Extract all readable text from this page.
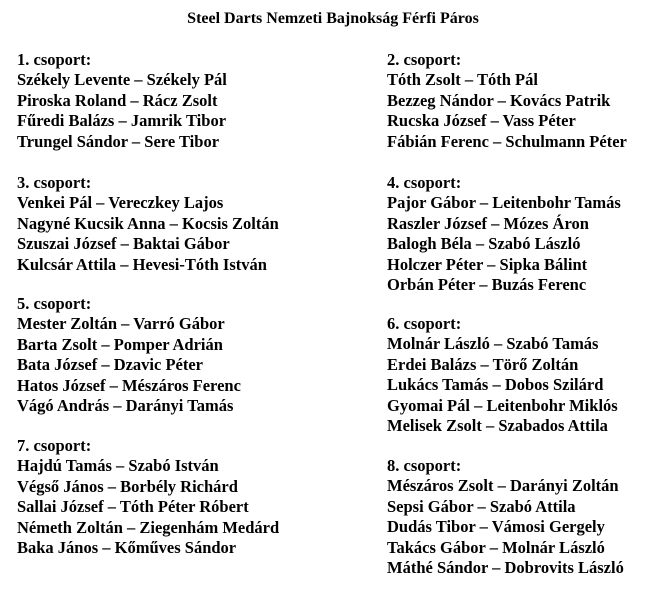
Steel Darts Nemzeti Bajnokság Férfi Páros
1. csoport:
Székely Levente – Székely Pál
Piroska Roland – Rácz Zsolt
Fűredi Balázs – Jamrik Tibor
Trungel Sándor – Sere Tibor
2. csoport:
Tóth Zsolt – Tóth Pál
Bezzeg Nándor – Kovács Patrik
Rucska József – Vass Péter
Fábián Ferenc – Schulmann Péter
3. csoport:
Venkei Pál – Vereczkey Lajos
Nagyné Kucsik Anna – Kocsis Zoltán
Szuszai József – Baktai Gábor
Kulcsár Attila – Hevesi-Tóth István
4. csoport:
Pajor Gábor – Leitenbohr Tamás
Raszler József – Mózes Áron
Balogh Béla – Szabó László
Holczer Péter – Sipka Bálint
Orbán Péter – Buzás Ferenc
5. csoport:
Mester Zoltán – Varró Gábor
Barta Zsolt – Pomper Adrián
Bata József – Dzavic Péter
Hatos József – Mészáros Ferenc
Vágó András – Darányi Tamás
6. csoport:
Molnár László – Szabó Tamás
Erdei Balázs – Törő Zoltán
Lukács Tamás – Dobos Szilárd
Gyomai Pál – Leitenbohr Miklós
Melisek Zsolt – Szabados Attila
7. csoport:
Hajdú Tamás – Szabó István
Végső János – Borbély Richárd
Sallai József – Tóth Péter Róbert
Németh Zoltán – Ziegenhám Medárd
Baka János – Kőműves Sándor
8. csoport:
Mészáros Zsolt – Darányi Zoltán
Sepsi Gábor – Szabó Attila
Dudás Tibor – Vámosi Gergely
Takács Gábor – Molnár László
Máthé Sándor – Dobrovits László
